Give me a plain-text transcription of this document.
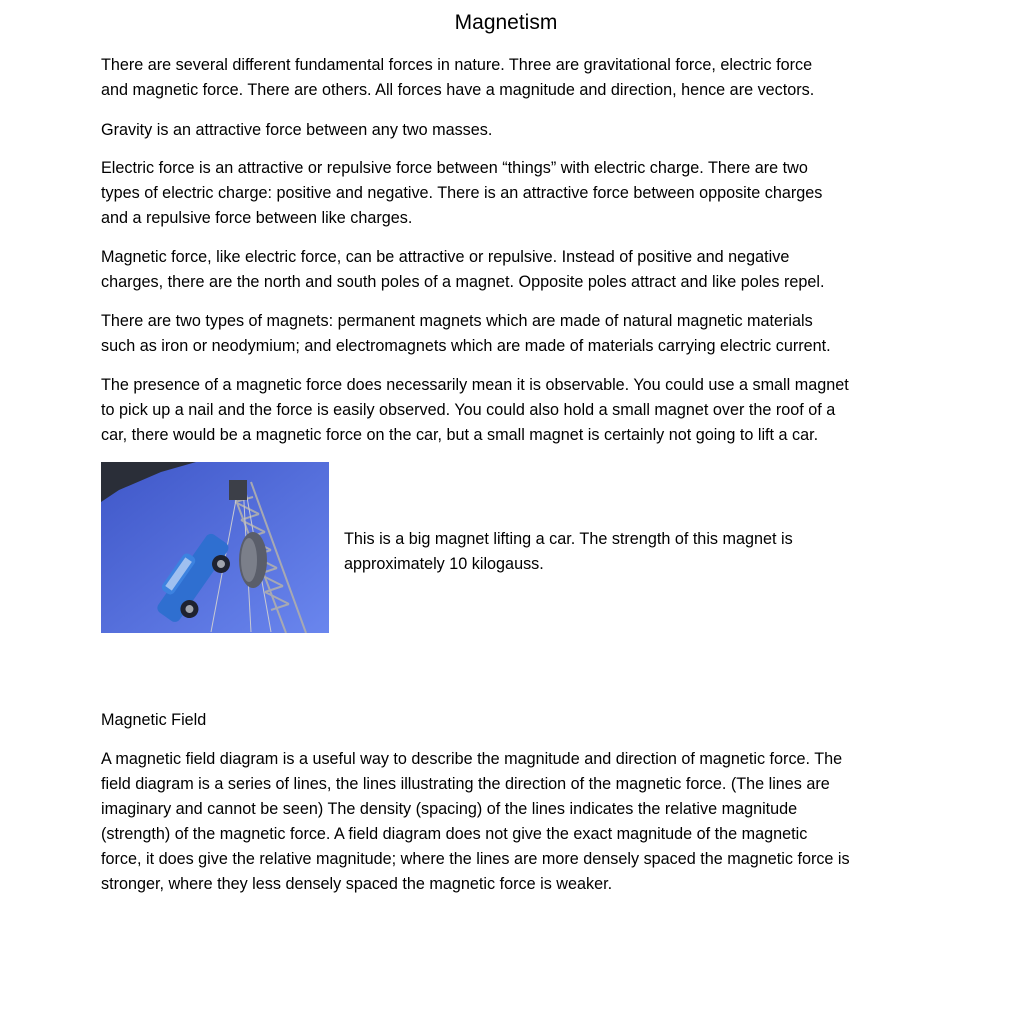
Magnetism
There are several different fundamental forces in nature. Three are gravitational force, electric force
and magnetic force. There are others. All forces have a magnitude and direction, hence are vectors.
Gravity is an attractive force between any two masses.
Electric force is an attractive or repulsive force between “things” with electric charge. There are two
types of electric charge: positive and negative. There is an attractive force between opposite charges
and a repulsive force between like charges.
Magnetic force, like electric force, can be attractive or repulsive. Instead of positive and negative
charges, there are the north and south poles of a magnet. Opposite poles attract and like poles repel.
There are two types of magnets: permanent magnets which are made of natural magnetic materials
such as iron or neodymium; and electromagnets which are made of materials carrying electric current.
The presence of a magnetic force does necessarily mean it is observable. You could use a small magnet
to pick up a nail and the force is easily observed. You could also hold a small magnet over the roof of a
car, there would be a magnetic force on the car, but a small magnet is certainly not going to lift a car.
This is a big magnet lifting a car. The strength of this magnet is
approximately 10 kilogauss.
Magnetic Field
A magnetic field diagram is a useful way to describe the magnitude and direction of magnetic force. The
field diagram is a series of lines, the lines illustrating the direction of the magnetic force. (The lines are
imaginary and cannot be seen) The density (spacing) of the lines indicates the relative magnitude
(strength) of the magnetic force. A field diagram does not give the exact magnitude of the magnetic
force, it does give the relative magnitude; where the lines are more densely spaced the magnetic force is
stronger, where they less densely spaced the magnetic force is weaker.
